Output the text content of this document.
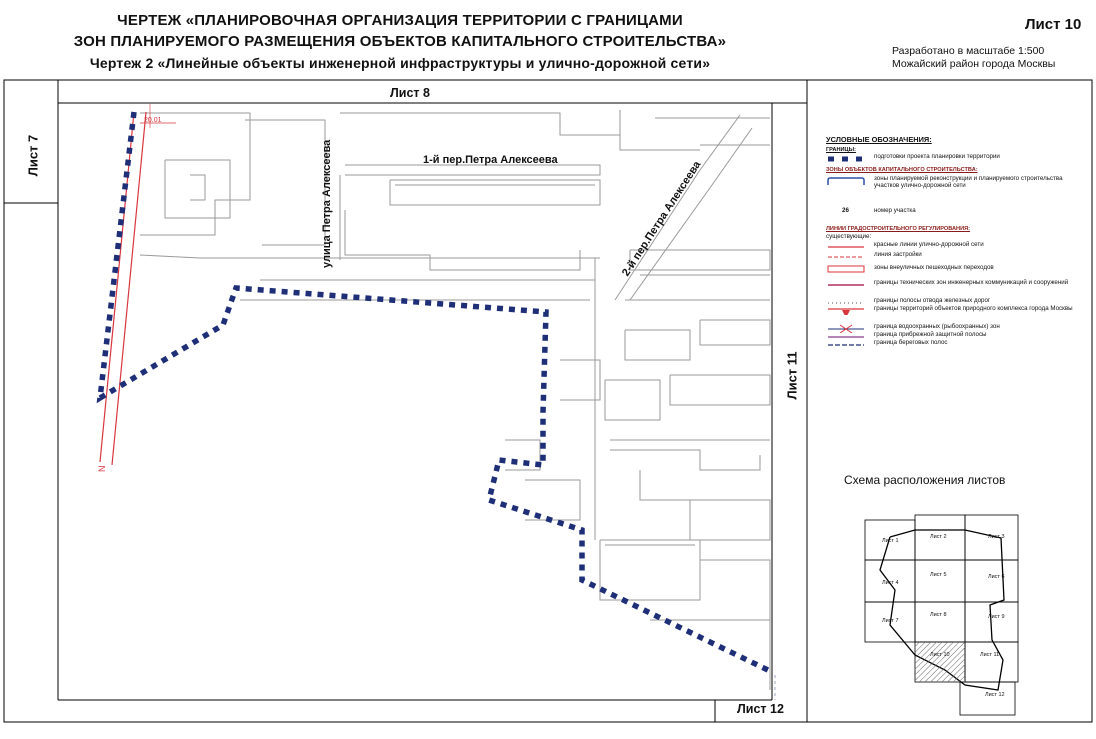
ЧЕРТЕЖ «ПЛАНИРОВОЧНАЯ ОРГАНИЗАЦИЯ ТЕРРИТОРИИ С ГРАНИЦАМИ
ЗОН ПЛАНИРУЕМОГО РАЗМЕЩЕНИЯ ОБЪЕКТОВ КАПИТАЛЬНОГО СТРОИТЕЛЬСТВА»
Чертеж 2 «Линейные объекты инженерной инфраструктуры и улично-дорожной сети»
Лист 10
Разработано в масштабе 1:500
Можайский район города Москвы
20.01
N
Лист 8
Лист 7
Лист 11
Лист 12
1-й пер.Петра Алексеева	2-й пер.Петра Алексеева
улица Петра Алексеева
УСЛОВНЫЕ ОБОЗНАЧЕНИЯ:
ГРАНИЦЫ:
подготовки проекта планировки территории
ЗОНЫ ОБЪЕКТОВ КАПИТАЛЬНОГО СТРОИТЕЛЬСТВА:
зоны планируемой реконструкции и планируемого строительства участков улично-дорожной сети
26	номер участка
ЛИНИИ ГРАДОСТРОИТЕЛЬНОГО РЕГУЛИРОВАНИЯ:
существующие:
красные линии улично-дорожной сети
линия застройки
зоны внеуличных пешеходных переходов
границы технических зон инженерных коммуникаций и сооружений
границы полосы отвода железных дорог
границы территорий объектов природного комплекса города Москвы
граница водоохранных (рыбоохранных) зон
граница прибрежной защитной полосы
граница береговых полос
Схема расположения листов
Лист 1
Лист 2	Лист 3
Лист 4
Лист 5	Лист 6
Лист 7
Лист 8	Лист 9
Лист 10	Лист 11
Лист 12
